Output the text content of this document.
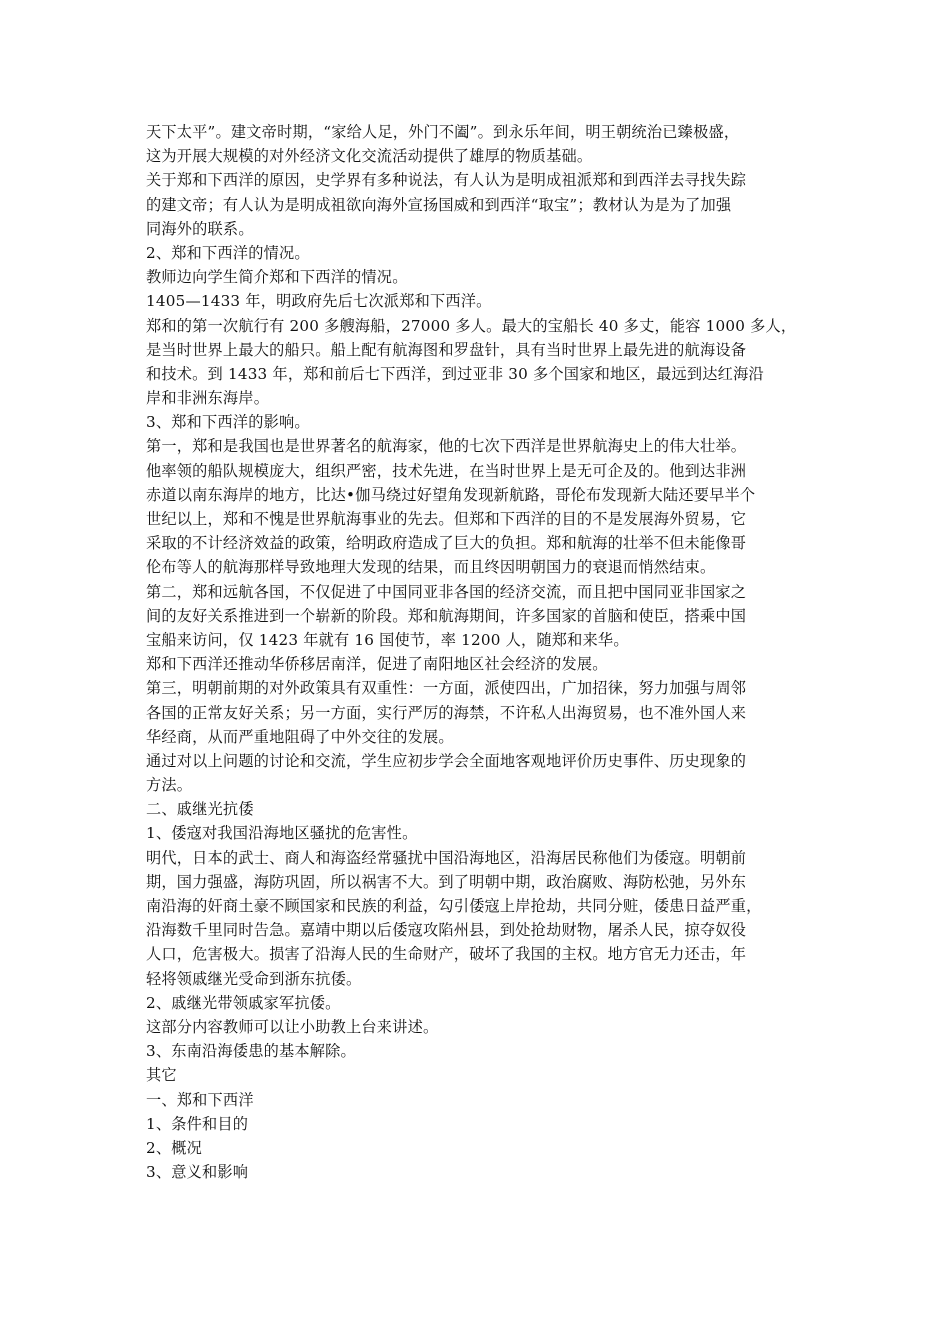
天下太平”。建文帝时期，“家给人足，外门不阖”。到永乐年间，明王朝统治已臻极盛，
这为开展大规模的对外经济文化交流活动提供了雄厚的物质基础。
关于郑和下西洋的原因，史学界有多种说法，有人认为是明成祖派郑和到西洋去寻找失踪
的建文帝；有人认为是明成祖欲向海外宣扬国威和到西洋“取宝”；教材认为是为了加强
同海外的联系。
2、郑和下西洋的情况。
教师边向学生简介郑和下西洋的情况。
1405—1433 年，明政府先后七次派郑和下西洋。
郑和的第一次航行有 200 多艘海船，27000 多人。最大的宝船长 40 多丈，能容 1000 多人，
是当时世界上最大的船只。船上配有航海图和罗盘针，具有当时世界上最先进的航海设备
和技术。到 1433 年，郑和前后七下西洋，到过亚非 30 多个国家和地区，最远到达红海沿
岸和非洲东海岸。
3、郑和下西洋的影响。
第一，郑和是我国也是世界著名的航海家，他的七次下西洋是世界航海史上的伟大壮举。
他率领的船队规模庞大，组织严密，技术先进，在当时世界上是无可企及的。他到达非洲
赤道以南东海岸的地方，比达•伽马绕过好望角发现新航路，哥伦布发现新大陆还要早半个
世纪以上，郑和不愧是世界航海事业的先去。但郑和下西洋的目的不是发展海外贸易，它
采取的不计经济效益的政策，给明政府造成了巨大的负担。郑和航海的壮举不但未能像哥
伦布等人的航海那样导致地理大发现的结果，而且终因明朝国力的衰退而悄然结束。
第二，郑和远航各国，不仅促进了中国同亚非各国的经济交流，而且把中国同亚非国家之
间的友好关系推进到一个崭新的阶段。郑和航海期间，许多国家的首脑和使臣，搭乘中国
宝船来访问，仅 1423 年就有 16 国使节，率 1200 人，随郑和来华。
郑和下西洋还推动华侨移居南洋，促进了南阳地区社会经济的发展。
第三，明朝前期的对外政策具有双重性：一方面，派使四出，广加招徕，努力加强与周邻
各国的正常友好关系；另一方面，实行严厉的海禁，不许私人出海贸易，也不准外国人来
华经商，从而严重地阻碍了中外交往的发展。
通过对以上问题的讨论和交流，学生应初步学会全面地客观地评价历史事件、历史现象的
方法。
二、戚继光抗倭
1、倭寇对我国沿海地区骚扰的危害性。
明代，日本的武士、商人和海盗经常骚扰中国沿海地区，沿海居民称他们为倭寇。明朝前
期，国力强盛，海防巩固，所以祸害不大。到了明朝中期，政治腐败、海防松弛，另外东
南沿海的奸商土豪不顾国家和民族的利益，勾引倭寇上岸抢劫，共同分赃，倭患日益严重，
沿海数千里同时告急。嘉靖中期以后倭寇攻陷州县，到处抢劫财物，屠杀人民，掠夺奴役
人口，危害极大。损害了沿海人民的生命财产，破坏了我国的主权。地方官无力还击，年
轻将领戚继光受命到浙东抗倭。
2、戚继光带领戚家军抗倭。
这部分内容教师可以让小助教上台来讲述。
3、东南沿海倭患的基本解除。
其它
一、郑和下西洋
1、条件和目的
2、概况
3、意义和影响
